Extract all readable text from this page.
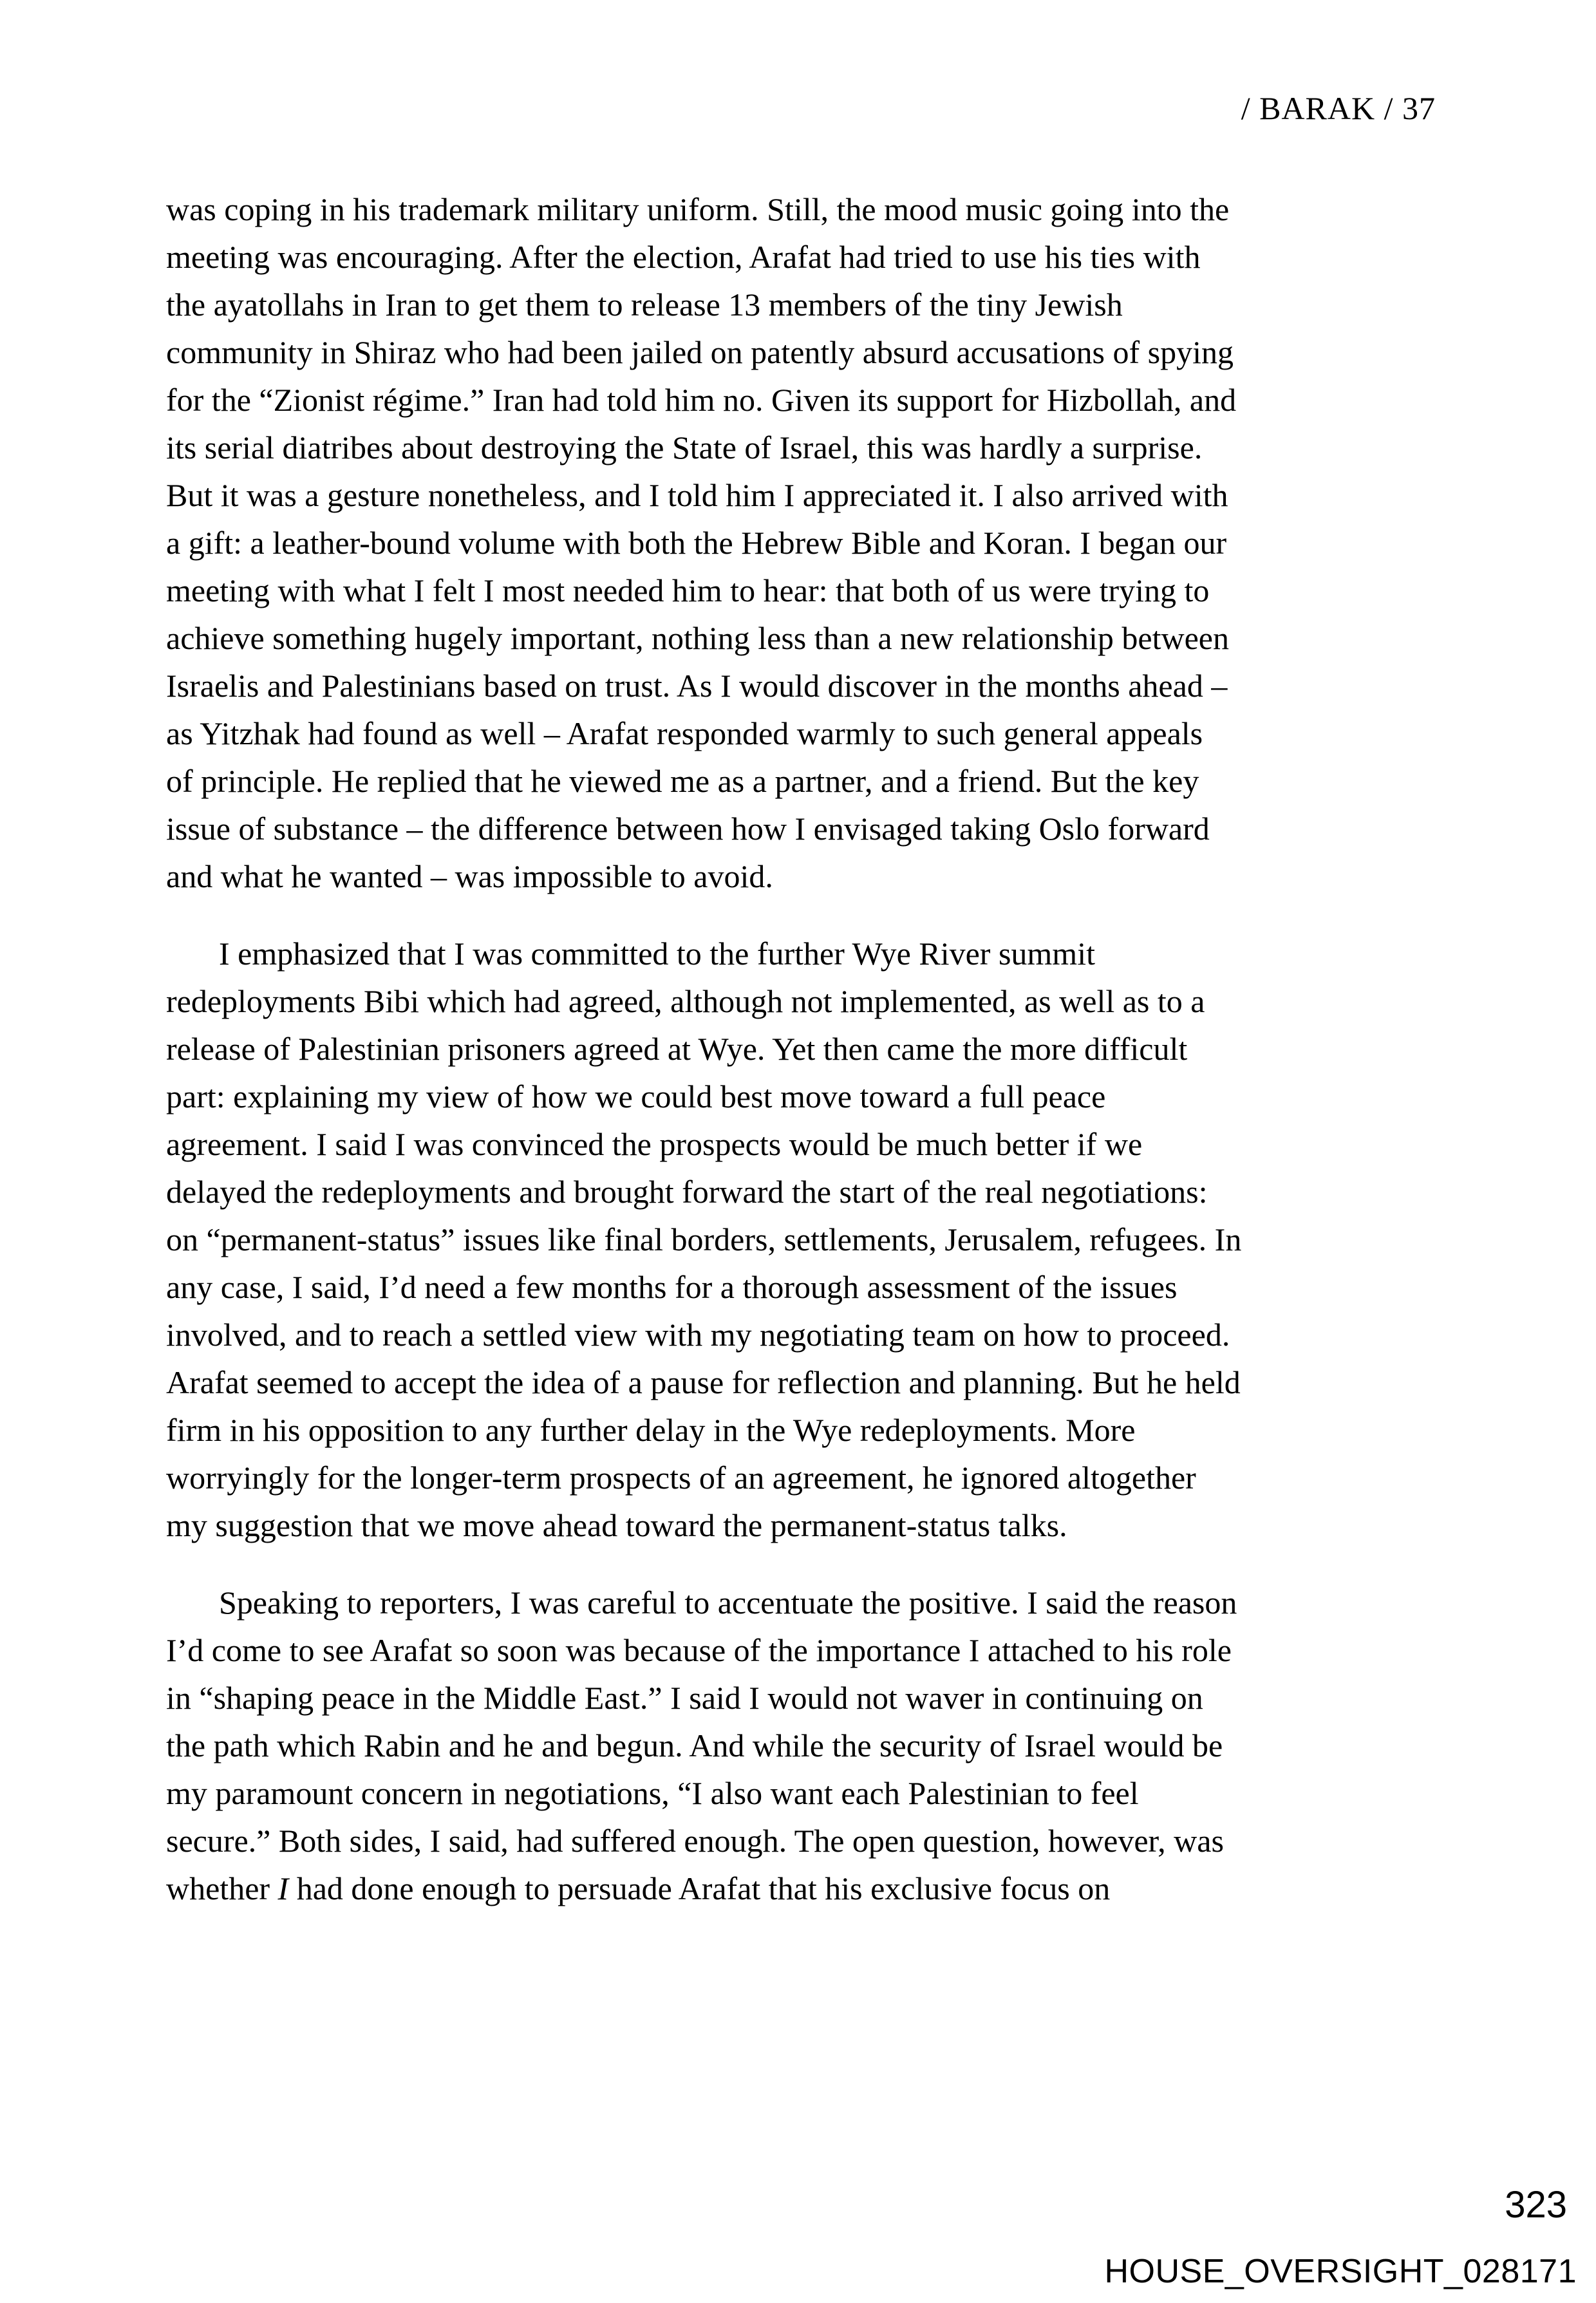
/ BARAK / 37
was coping in his trademark military uniform. Still, the mood music going into the
meeting was encouraging. After the election, Arafat had tried to use his ties with
the ayatollahs in Iran to get them to release 13 members of the tiny Jewish
community in Shiraz who had been jailed on patently absurd accusations of spying
for the “Zionist régime.” Iran had told him no. Given its support for Hizbollah, and
its serial diatribes about destroying the State of Israel, this was hardly a surprise.
But it was a gesture nonetheless, and I told him I appreciated it. I also arrived with
a gift: a leather-bound volume with both the Hebrew Bible and Koran. I began our
meeting with what I felt I most needed him to hear: that both of us were trying to
achieve something hugely important, nothing less than a new relationship between
Israelis and Palestinians based on trust. As I would discover in the months ahead –
as Yitzhak had found as well – Arafat responded warmly to such general appeals
of principle. He replied that he viewed me as a partner, and a friend. But the key
issue of substance – the difference between how I envisaged taking Oslo forward
and what he wanted – was impossible to avoid.
I emphasized that I was committed to the further Wye River summit
redeployments Bibi which had agreed, although not implemented, as well as to a
release of Palestinian prisoners agreed at Wye. Yet then came the more difficult
part: explaining my view of how we could best move toward a full peace
agreement. I said I was convinced the prospects would be much better if we
delayed the redeployments and brought forward the start of the real negotiations:
on “permanent-status” issues like final borders, settlements, Jerusalem, refugees. In
any case, I said, I’d need a few months for a thorough assessment of the issues
involved, and to reach a settled view with my negotiating team on how to proceed.
Arafat seemed to accept the idea of a pause for reflection and planning. But he held
firm in his opposition to any further delay in the Wye redeployments. More
worryingly for the longer-term prospects of an agreement, he ignored altogether
my suggestion that we move ahead toward the permanent-status talks.
Speaking to reporters, I was careful to accentuate the positive. I said the reason
I’d come to see Arafat so soon was because of the importance I attached to his role
in “shaping peace in the Middle East.” I said I would not waver in continuing on
the path which Rabin and he and begun. And while the security of Israel would be
my paramount concern in negotiations, “I also want each Palestinian to feel
secure.” Both sides, I said, had suffered enough. The open question, however, was
whether I had done enough to persuade Arafat that his exclusive focus on
323
HOUSE_OVERSIGHT_028171
